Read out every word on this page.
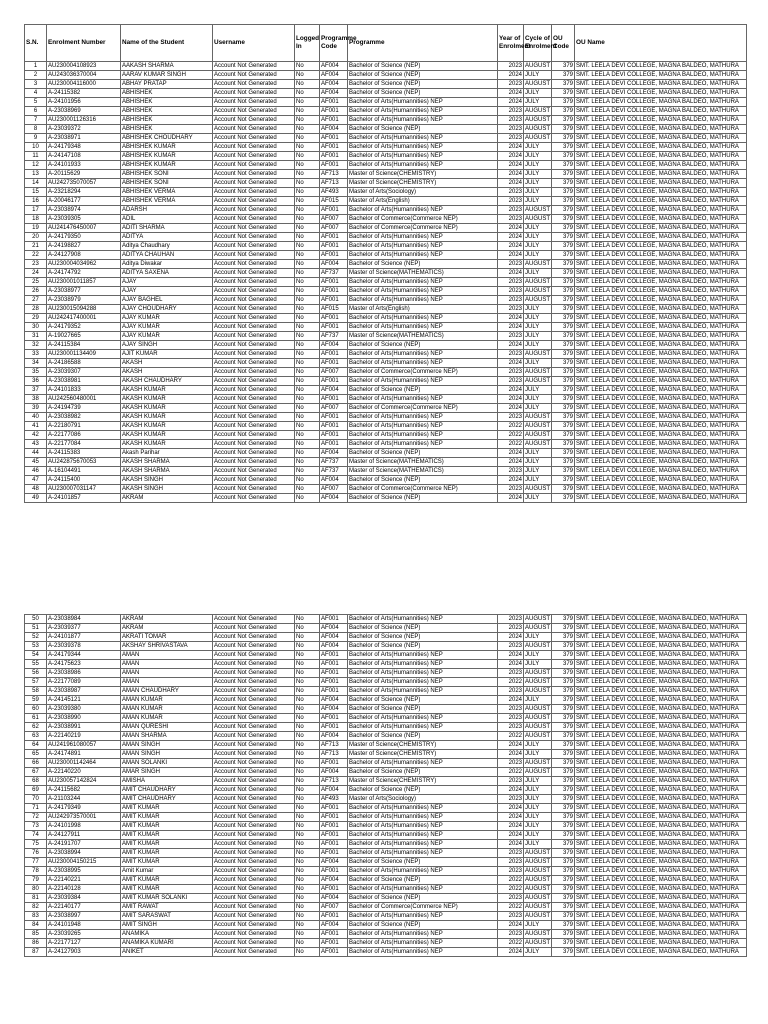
S.N.	Enrolment Number	Name of the Student	Username	Logged In	Programme Code	Programme	Year of Enrolment	Cycle of Enrolment	OU Code	OU Name
1	AU230004108923	AAKASH SHARMA	Account Not Generated	No	AF004	Bachelor of Science (NEP)	2023	AUGUST	379	SMT. LEELA DEVI COLLEGE, MAGNA BALDEO, MATHURA
2	AU243036370004	AARAV KUMAR SINGH	Account Not Generated	No	AF004	Bachelor of Science (NEP)	2024	JULY	379	SMT. LEELA DEVI COLLEGE, MAGNA BALDEO, MATHURA
3	AU230004116000	ABHAY PRATAP	Account Not Generated	No	AF004	Bachelor of Science (NEP)	2023	AUGUST	379	SMT. LEELA DEVI COLLEGE, MAGNA BALDEO, MATHURA
4	A-24115382	ABHISHEK	Account Not Generated	No	AF004	Bachelor of Science (NEP)	2024	JULY	379	SMT. LEELA DEVI COLLEGE, MAGNA BALDEO, MATHURA
5	A-24101956	ABHISHEK	Account Not Generated	No	AF001	Bachelor of Arts(Humannities) NEP	2024	JULY	379	SMT. LEELA DEVI COLLEGE, MAGNA BALDEO, MATHURA
6	A-23038969	ABHISHEK	Account Not Generated	No	AF001	Bachelor of Arts(Humannities) NEP	2023	AUGUST	379	SMT. LEELA DEVI COLLEGE, MAGNA BALDEO, MATHURA
7	AU230001126316	ABHISHEK	Account Not Generated	No	AF001	Bachelor of Arts(Humannities) NEP	2023	AUGUST	379	SMT. LEELA DEVI COLLEGE, MAGNA BALDEO, MATHURA
8	A-23039372	ABHISHEK	Account Not Generated	No	AF004	Bachelor of Science (NEP)	2023	AUGUST	379	SMT. LEELA DEVI COLLEGE, MAGNA BALDEO, MATHURA
9	A-23038971	ABHISHEK CHOUDHARY	Account Not Generated	No	AF001	Bachelor of Arts(Humannities) NEP	2023	AUGUST	379	SMT. LEELA DEVI COLLEGE, MAGNA BALDEO, MATHURA
10	A-24179348	ABHISHEK KUMAR	Account Not Generated	No	AF001	Bachelor of Arts(Humannities) NEP	2024	JULY	379	SMT. LEELA DEVI COLLEGE, MAGNA BALDEO, MATHURA
11	A-24147108	ABHISHEK KUMAR	Account Not Generated	No	AF001	Bachelor of Arts(Humannities) NEP	2024	JULY	379	SMT. LEELA DEVI COLLEGE, MAGNA BALDEO, MATHURA
12	A-24101933	ABHISHEK KUMAR	Account Not Generated	No	AF001	Bachelor of Arts(Humannities) NEP	2024	JULY	379	SMT. LEELA DEVI COLLEGE, MAGNA BALDEO, MATHURA
13	A-20115629	ABHISHEK SONI	Account Not Generated	No	AF713	Master of Science(CHEMISTRY)	2024	JULY	379	SMT. LEELA DEVI COLLEGE, MAGNA BALDEO, MATHURA
14	AU242735070057	ABHISHEK SONI	Account Not Generated	No	AF713	Master of Science(CHEMISTRY)	2024	JULY	379	SMT. LEELA DEVI COLLEGE, MAGNA BALDEO, MATHURA
15	A-23218294	ABHISHEK VERMA	Account Not Generated	No	AF493	Master of Arts(Sociology)	2023	JULY	379	SMT. LEELA DEVI COLLEGE, MAGNA BALDEO, MATHURA
16	A-20046177	ABHISHEK VERMA	Account Not Generated	No	AF015	Master of Arts(English)	2023	JULY	379	SMT. LEELA DEVI COLLEGE, MAGNA BALDEO, MATHURA
17	A-23038974	ADARSH	Account Not Generated	No	AF001	Bachelor of Arts(Humannities) NEP	2023	AUGUST	379	SMT. LEELA DEVI COLLEGE, MAGNA BALDEO, MATHURA
18	A-23039305	ADIL	Account Not Generated	No	AF007	Bachelor of Commerce(Commerce NEP)	2023	AUGUST	379	SMT. LEELA DEVI COLLEGE, MAGNA BALDEO, MATHURA
19	AU241476450007	ADITI SHARMA	Account Not Generated	No	AF007	Bachelor of Commerce(Commerce NEP)	2024	JULY	379	SMT. LEELA DEVI COLLEGE, MAGNA BALDEO, MATHURA
20	A-24179350	ADITYA	Account Not Generated	No	AF001	Bachelor of Arts(Humannities) NEP	2024	JULY	379	SMT. LEELA DEVI COLLEGE, MAGNA BALDEO, MATHURA
21	A-24198827	Aditya Chaudhary	Account Not Generated	No	AF001	Bachelor of Arts(Humannities) NEP	2024	JULY	379	SMT. LEELA DEVI COLLEGE, MAGNA BALDEO, MATHURA
22	A-24127908	ADITYA CHAUHAN	Account Not Generated	No	AF001	Bachelor of Arts(Humannities) NEP	2024	JULY	379	SMT. LEELA DEVI COLLEGE, MAGNA BALDEO, MATHURA
23	AU230004034962	Aditya Diwakar	Account Not Generated	No	AF004	Bachelor of Science (NEP)	2023	AUGUST	379	SMT. LEELA DEVI COLLEGE, MAGNA BALDEO, MATHURA
24	A-24174792	ADITYA SAXENA	Account Not Generated	No	AF737	Master of Science(MATHEMATICS)	2024	JULY	379	SMT. LEELA DEVI COLLEGE, MAGNA BALDEO, MATHURA
25	AU230001011857	AJAY	Account Not Generated	No	AF001	Bachelor of Arts(Humannities) NEP	2023	AUGUST	379	SMT. LEELA DEVI COLLEGE, MAGNA BALDEO, MATHURA
26	A-23038977	AJAY	Account Not Generated	No	AF001	Bachelor of Arts(Humannities) NEP	2023	AUGUST	379	SMT. LEELA DEVI COLLEGE, MAGNA BALDEO, MATHURA
27	A-23038979	AJAY BAGHEL	Account Not Generated	No	AF001	Bachelor of Arts(Humannities) NEP	2023	AUGUST	379	SMT. LEELA DEVI COLLEGE, MAGNA BALDEO, MATHURA
28	AU230015094288	AJAY CHOUDHARY	Account Not Generated	No	AF015	Master of Arts(English)	2023	JULY	379	SMT. LEELA DEVI COLLEGE, MAGNA BALDEO, MATHURA
29	AU242417400001	AJAY KUMAR	Account Not Generated	No	AF001	Bachelor of Arts(Humannities) NEP	2024	JULY	379	SMT. LEELA DEVI COLLEGE, MAGNA BALDEO, MATHURA
30	A-24179352	AJAY KUMAR	Account Not Generated	No	AF001	Bachelor of Arts(Humannities) NEP	2024	JULY	379	SMT. LEELA DEVI COLLEGE, MAGNA BALDEO, MATHURA
31	A-19027665	AJAY KUMAR	Account Not Generated	No	AF737	Master of Science(MATHEMATICS)	2023	JULY	379	SMT. LEELA DEVI COLLEGE, MAGNA BALDEO, MATHURA
32	A-24115384	AJAY SINGH	Account Not Generated	No	AF004	Bachelor of Science (NEP)	2024	JULY	379	SMT. LEELA DEVI COLLEGE, MAGNA BALDEO, MATHURA
33	AU230001134409	AJIT KUMAR	Account Not Generated	No	AF001	Bachelor of Arts(Humannities) NEP	2023	AUGUST	379	SMT. LEELA DEVI COLLEGE, MAGNA BALDEO, MATHURA
34	A-24186588	AKASH	Account Not Generated	No	AF001	Bachelor of Arts(Humannities) NEP	2024	JULY	379	SMT. LEELA DEVI COLLEGE, MAGNA BALDEO, MATHURA
35	A-23039307	AKASH	Account Not Generated	No	AF007	Bachelor of Commerce(Commerce NEP)	2023	AUGUST	379	SMT. LEELA DEVI COLLEGE, MAGNA BALDEO, MATHURA
36	A-23038981	AKASH CHAUDHARY	Account Not Generated	No	AF001	Bachelor of Arts(Humannities) NEP	2023	AUGUST	379	SMT. LEELA DEVI COLLEGE, MAGNA BALDEO, MATHURA
37	A-24101833	AKASH KUMAR	Account Not Generated	No	AF004	Bachelor of Science (NEP)	2024	JULY	379	SMT. LEELA DEVI COLLEGE, MAGNA BALDEO, MATHURA
38	AU242560480001	AKASH KUMAR	Account Not Generated	No	AF001	Bachelor of Arts(Humannities) NEP	2024	JULY	379	SMT. LEELA DEVI COLLEGE, MAGNA BALDEO, MATHURA
39	A-24194739	AKASH KUMAR	Account Not Generated	No	AF007	Bachelor of Commerce(Commerce NEP)	2024	JULY	379	SMT. LEELA DEVI COLLEGE, MAGNA BALDEO, MATHURA
40	A-23038982	AKASH KUMAR	Account Not Generated	No	AF001	Bachelor of Arts(Humannities) NEP	2023	AUGUST	379	SMT. LEELA DEVI COLLEGE, MAGNA BALDEO, MATHURA
41	A-22180791	AKASH KUMAR	Account Not Generated	No	AF001	Bachelor of Arts(Humannities) NEP	2022	AUGUST	379	SMT. LEELA DEVI COLLEGE, MAGNA BALDEO, MATHURA
42	A-22177086	AKASH KUMAR	Account Not Generated	No	AF001	Bachelor of Arts(Humannities) NEP	2022	AUGUST	379	SMT. LEELA DEVI COLLEGE, MAGNA BALDEO, MATHURA
43	A-22177084	AKASH KUMAR	Account Not Generated	No	AF001	Bachelor of Arts(Humannities) NEP	2022	AUGUST	379	SMT. LEELA DEVI COLLEGE, MAGNA BALDEO, MATHURA
44	A-24115383	Akash Parihar	Account Not Generated	No	AF004	Bachelor of Science (NEP)	2024	JULY	379	SMT. LEELA DEVI COLLEGE, MAGNA BALDEO, MATHURA
45	AU242875670053	AKASH SHARMA	Account Not Generated	No	AF737	Master of Science(MATHEMATICS)	2024	JULY	379	SMT. LEELA DEVI COLLEGE, MAGNA BALDEO, MATHURA
46	A-16104491	AKASH SHARMA	Account Not Generated	No	AF737	Master of Science(MATHEMATICS)	2023	JULY	379	SMT. LEELA DEVI COLLEGE, MAGNA BALDEO, MATHURA
47	A-24115400	AKASH SINGH	Account Not Generated	No	AF004	Bachelor of Science (NEP)	2024	JULY	379	SMT. LEELA DEVI COLLEGE, MAGNA BALDEO, MATHURA
48	AU230007031147	AKASH SINGH	Account Not Generated	No	AF007	Bachelor of Commerce(Commerce NEP)	2023	AUGUST	379	SMT. LEELA DEVI COLLEGE, MAGNA BALDEO, MATHURA
49	A-24101857	AKRAM	Account Not Generated	No	AF004	Bachelor of Science (NEP)	2024	JULY	379	SMT. LEELA DEVI COLLEGE, MAGNA BALDEO, MATHURA
50	A-23038984	AKRAM	Account Not Generated	No	AF001	Bachelor of Arts(Humannities) NEP	2023	AUGUST	379	SMT. LEELA DEVI COLLEGE, MAGNA BALDEO, MATHURA
51	A-23039377	AKRAM	Account Not Generated	No	AF004	Bachelor of Science (NEP)	2023	AUGUST	379	SMT. LEELA DEVI COLLEGE, MAGNA BALDEO, MATHURA
52	A-24101877	AKRATI TOMAR	Account Not Generated	No	AF004	Bachelor of Science (NEP)	2024	JULY	379	SMT. LEELA DEVI COLLEGE, MAGNA BALDEO, MATHURA
53	A-23039378	AKSHAY SHRIVASTAVA	Account Not Generated	No	AF004	Bachelor of Science (NEP)	2023	AUGUST	379	SMT. LEELA DEVI COLLEGE, MAGNA BALDEO, MATHURA
54	A-24179344	AMAN	Account Not Generated	No	AF001	Bachelor of Arts(Humannities) NEP	2024	JULY	379	SMT. LEELA DEVI COLLEGE, MAGNA BALDEO, MATHURA
55	A-24175623	AMAN	Account Not Generated	No	AF001	Bachelor of Arts(Humannities) NEP	2024	JULY	379	SMT. LEELA DEVI COLLEGE, MAGNA BALDEO, MATHURA
56	A-23038986	AMAN	Account Not Generated	No	AF001	Bachelor of Arts(Humannities) NEP	2023	AUGUST	379	SMT. LEELA DEVI COLLEGE, MAGNA BALDEO, MATHURA
57	A-22177089	AMAN	Account Not Generated	No	AF001	Bachelor of Arts(Humannities) NEP	2022	AUGUST	379	SMT. LEELA DEVI COLLEGE, MAGNA BALDEO, MATHURA
58	A-23038987	AMAN CHAUDHARY	Account Not Generated	No	AF001	Bachelor of Arts(Humannities) NEP	2023	AUGUST	379	SMT. LEELA DEVI COLLEGE, MAGNA BALDEO, MATHURA
59	A-24145121	AMAN KUMAR	Account Not Generated	No	AF004	Bachelor of Science (NEP)	2024	JULY	379	SMT. LEELA DEVI COLLEGE, MAGNA BALDEO, MATHURA
60	A-23039380	AMAN KUMAR	Account Not Generated	No	AF004	Bachelor of Science (NEP)	2023	AUGUST	379	SMT. LEELA DEVI COLLEGE, MAGNA BALDEO, MATHURA
61	A-23038990	AMAN KUMAR	Account Not Generated	No	AF001	Bachelor of Arts(Humannities) NEP	2023	AUGUST	379	SMT. LEELA DEVI COLLEGE, MAGNA BALDEO, MATHURA
62	A-23038991	AMAN QURESHI	Account Not Generated	No	AF001	Bachelor of Arts(Humannities) NEP	2023	AUGUST	379	SMT. LEELA DEVI COLLEGE, MAGNA BALDEO, MATHURA
63	A-22140219	AMAN SHARMA	Account Not Generated	No	AF004	Bachelor of Science (NEP)	2022	AUGUST	379	SMT. LEELA DEVI COLLEGE, MAGNA BALDEO, MATHURA
64	AU241961080057	AMAN SINGH	Account Not Generated	No	AF713	Master of Science(CHEMISTRY)	2024	JULY	379	SMT. LEELA DEVI COLLEGE, MAGNA BALDEO, MATHURA
65	A-24174891	AMAN SINGH	Account Not Generated	No	AF713	Master of Science(CHEMISTRY)	2024	JULY	379	SMT. LEELA DEVI COLLEGE, MAGNA BALDEO, MATHURA
66	AU230001142464	AMAN SOLANKI	Account Not Generated	No	AF001	Bachelor of Arts(Humannities) NEP	2023	AUGUST	379	SMT. LEELA DEVI COLLEGE, MAGNA BALDEO, MATHURA
67	A-22140220	AMAR SINGH	Account Not Generated	No	AF004	Bachelor of Science (NEP)	2022	AUGUST	379	SMT. LEELA DEVI COLLEGE, MAGNA BALDEO, MATHURA
68	AU230057142824	AMISHA	Account Not Generated	No	AF713	Master of Science(CHEMISTRY)	2023	JULY	379	SMT. LEELA DEVI COLLEGE, MAGNA BALDEO, MATHURA
69	A-24115682	AMIT CHAUDHARY	Account Not Generated	No	AF004	Bachelor of Science (NEP)	2024	JULY	379	SMT. LEELA DEVI COLLEGE, MAGNA BALDEO, MATHURA
70	A-21103244	AMIT CHAUDHARY	Account Not Generated	No	AF493	Master of Arts(Sociology)	2023	JULY	379	SMT. LEELA DEVI COLLEGE, MAGNA BALDEO, MATHURA
71	A-24179349	AMIT KUMAR	Account Not Generated	No	AF001	Bachelor of Arts(Humannities) NEP	2024	JULY	379	SMT. LEELA DEVI COLLEGE, MAGNA BALDEO, MATHURA
72	AU242973570001	AMIT KUMAR	Account Not Generated	No	AF001	Bachelor of Arts(Humannities) NEP	2024	JULY	379	SMT. LEELA DEVI COLLEGE, MAGNA BALDEO, MATHURA
73	A-24101998	AMIT KUMAR	Account Not Generated	No	AF001	Bachelor of Arts(Humannities) NEP	2024	JULY	379	SMT. LEELA DEVI COLLEGE, MAGNA BALDEO, MATHURA
74	A-24127911	AMIT KUMAR	Account Not Generated	No	AF001	Bachelor of Arts(Humannities) NEP	2024	JULY	379	SMT. LEELA DEVI COLLEGE, MAGNA BALDEO, MATHURA
75	A-24191707	AMIT KUMAR	Account Not Generated	No	AF001	Bachelor of Arts(Humannities) NEP	2024	JULY	379	SMT. LEELA DEVI COLLEGE, MAGNA BALDEO, MATHURA
76	A-23038994	AMIT KUMAR	Account Not Generated	No	AF001	Bachelor of Arts(Humannities) NEP	2023	AUGUST	379	SMT. LEELA DEVI COLLEGE, MAGNA BALDEO, MATHURA
77	AU230004150215	AMIT KUMAR	Account Not Generated	No	AF004	Bachelor of Science (NEP)	2023	AUGUST	379	SMT. LEELA DEVI COLLEGE, MAGNA BALDEO, MATHURA
78	A-23038995	Amit Kumar	Account Not Generated	No	AF001	Bachelor of Arts(Humannities) NEP	2023	AUGUST	379	SMT. LEELA DEVI COLLEGE, MAGNA BALDEO, MATHURA
79	A-22140221	AMIT KUMAR	Account Not Generated	No	AF004	Bachelor of Science (NEP)	2022	AUGUST	379	SMT. LEELA DEVI COLLEGE, MAGNA BALDEO, MATHURA
80	A-22140128	AMIT KUMAR	Account Not Generated	No	AF001	Bachelor of Arts(Humannities) NEP	2022	AUGUST	379	SMT. LEELA DEVI COLLEGE, MAGNA BALDEO, MATHURA
81	A-23039384	AMIT KUMAR SOLANKI	Account Not Generated	No	AF004	Bachelor of Science (NEP)	2023	AUGUST	379	SMT. LEELA DEVI COLLEGE, MAGNA BALDEO, MATHURA
82	A-22140177	AMIT RAWAT	Account Not Generated	No	AF007	Bachelor of Commerce(Commerce NEP)	2022	AUGUST	379	SMT. LEELA DEVI COLLEGE, MAGNA BALDEO, MATHURA
83	A-23038997	AMIT SARASWAT	Account Not Generated	No	AF001	Bachelor of Arts(Humannities) NEP	2023	AUGUST	379	SMT. LEELA DEVI COLLEGE, MAGNA BALDEO, MATHURA
84	A-24101948	AMIT SINGH	Account Not Generated	No	AF004	Bachelor of Science (NEP)	2024	JULY	379	SMT. LEELA DEVI COLLEGE, MAGNA BALDEO, MATHURA
85	A-23039265	ANAMIKA	Account Not Generated	No	AF001	Bachelor of Arts(Humannities) NEP	2023	AUGUST	379	SMT. LEELA DEVI COLLEGE, MAGNA BALDEO, MATHURA
86	A-22177127	ANAMIKA KUMARI	Account Not Generated	No	AF001	Bachelor of Arts(Humannities) NEP	2022	AUGUST	379	SMT. LEELA DEVI COLLEGE, MAGNA BALDEO, MATHURA
87	A-24127903	ANIKET	Account Not Generated	No	AF001	Bachelor of Arts(Humannities) NEP	2024	JULY	379	SMT. LEELA DEVI COLLEGE, MAGNA BALDEO, MATHURA
